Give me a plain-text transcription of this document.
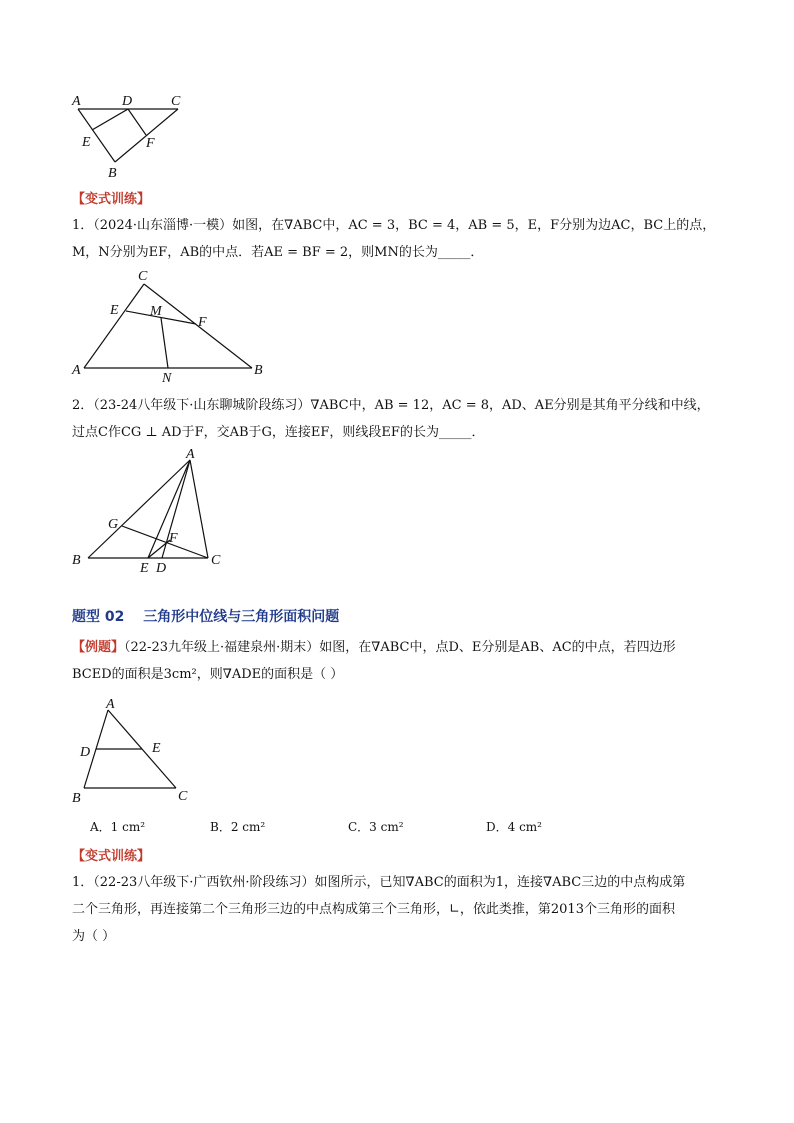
A	D	C
E	F
B
【变式训练】
1．（2024·山东淄博·一模）如图，在∇ABC中，AC = 3，BC = 4，AB = 5，E，F分别为边AC，BC上的点，
M，N分别为EF，AB的中点．若AE = BF = 2，则MN的长为_____．
C
E M
F
A
N
B
2．（23-24八年级下·山东聊城阶段练习）∇ABC中，AB = 12，AC = 8，AD、AE分别是其角平分线和中线，
过点C作CG ⊥ AD于F，交AB于G，连接EF，则线段EF的长为_____．
A
G
F
B
E D
C
题型 02 三角形中位线与三角形面积问题
【例题】（22-23九年级上·福建泉州·期末）如图，在∇ABC中，点D、E分别是AB、AC的中点，若四边形
BCED的面积是3cm²，则∇ADE的面积是（ ）
A
D	E
B	C
A．1 cm²	B．2 cm²	C．3 cm²	D．4 cm²
【变式训练】
1．（22-23八年级下·广西钦州·阶段练习）如图所示，已知∇ABC的面积为1，连接∇ABC三边的中点构成第
二个三角形，再连接第二个三角形三边的中点构成第三个三角形，∟，依此类推，第2013个三角形的面积
为（ ）
